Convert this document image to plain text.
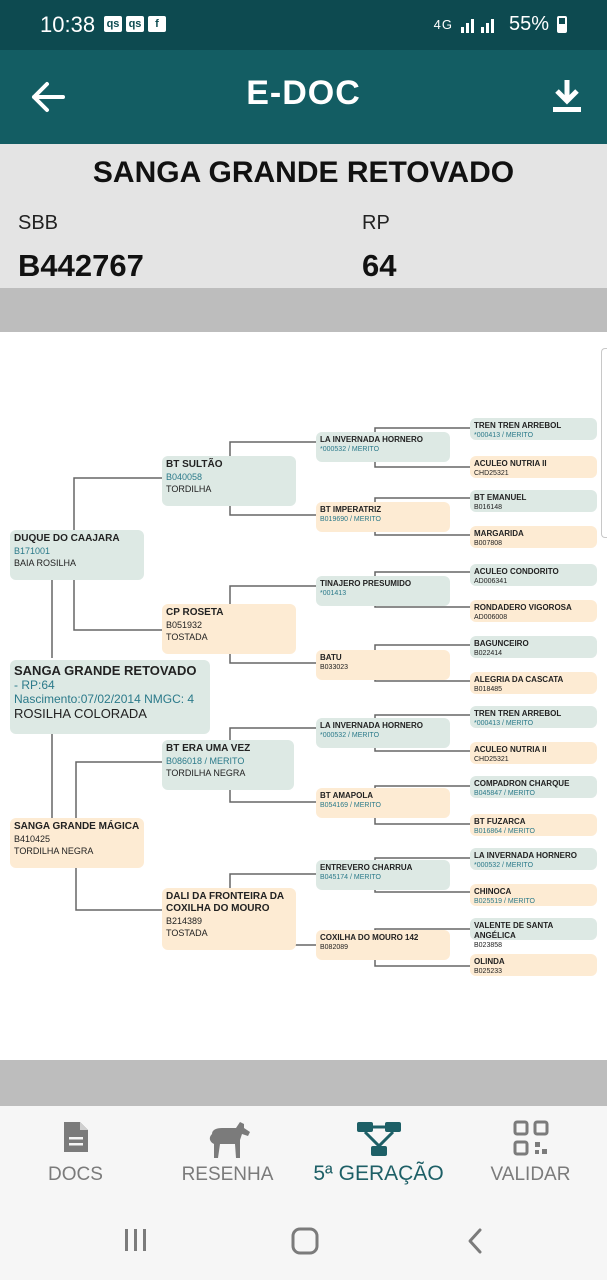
10:38 qs qs	f	4G	55%
E-DOC
SANGA GRANDE RETOVADO
SBB
B442767
RP
64
SANGA GRANDE RETOVADO
- RP:64
Nascimento:07/02/2014 NMGC: 4
ROSILHA COLORADA
DUQUE DO CAAJARA
B171001
BAIA ROSILHA
SANGA GRANDE MÁGICA
B410425
TORDILHA NEGRA
BT SULTÃO
B040058
TORDILHA
CP ROSETA
B051932
TOSTADA
BT ERA UMA VEZ
B086018 / MERITO
TORDILHA NEGRA
DALI DA FRONTEIRA DA COXILHA DO MOURO
B214389
TOSTADA
LA INVERNADA HORNERO
*000532 / MERITO
BT IMPERATRIZ
B019690 / MERITO
TINAJERO PRESUMIDO
*001413
BATU
B033023
LA INVERNADA HORNERO
*000532 / MERITO
BT AMAPOLA
B054169 / MERITO
ENTREVERO CHARRUA
B045174 / MERITO
COXILHA DO MOURO 142
B082089
TREN TREN ARREBOL
*000413 / MERITO
ACULEO NUTRIA II
CHD25321
BT EMANUEL
B016148
MARGARIDA
B007808
ACULEO CONDORITO
AD006341
RONDADERO VIGOROSA
AD006008
BAGUNCEIRO
B022414
ALEGRIA DA CASCATA
B018485
TREN TREN ARREBOL
*000413 / MERITO
ACULEO NUTRIA II
CHD25321
COMPADRON CHARQUE
B045847 / MERITO
BT FUZARCA
B016864 / MERITO
LA INVERNADA HORNERO
*000532 / MERITO
CHINOCA
B025519 / MERITO
VALENTE DE SANTA ANGÉLICA
B023858
OLINDA
B025233
DOCS	RESENHA	5ª GERAÇÃO	VALIDAR
